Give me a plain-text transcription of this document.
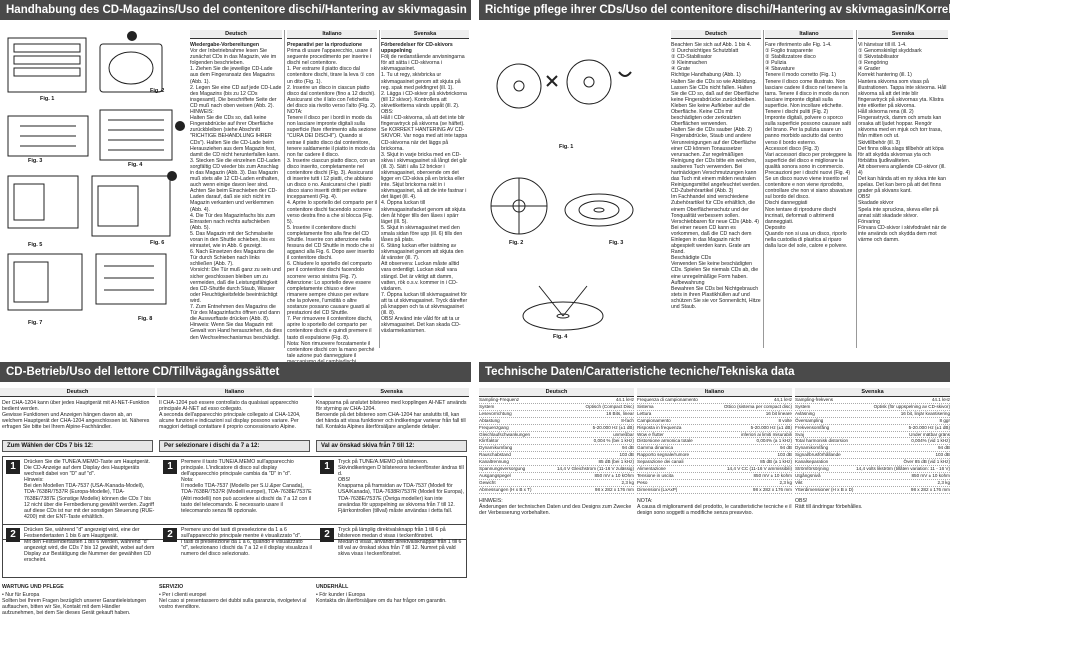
Handhabung des CD-Magazins/Uso del contenitore dischi/Hantering av skivmagasin
Fig. 1
Fig. 2
Fig. 3
Fig. 4
Fig. 5	Fig. 6
Fig. 7
Fig. 8
Deutsch
Wiedergabe-Vorbereitungen
Vor der Inbetriebnahme lesen Sie zunächst CDs in das Magazin, wie im folgenden beschrieben.
1. Ziehen Sie die jeweilige CD-Lade aus dem Fingeransatz des Magazins (Abb. 1).
2. Legen Sie eine CD auf jede CD-Lade des Magazins (bis zu 12 CDs insgesamt). Die beschriftete Seite der CD muß nach oben weisen (Abb. 2).
HINWEIS:
Halten Sie die CDs so, daß keine Fingerabdrücke auf ihrer Oberfläche zurückbleiben (siehe Abschnitt "RICHTIGE BEHANDLUNG IHRER CDs"). Halten Sie die CD-Lade beim Herausziehen aus dem Magazin fest, damit die CD nicht herunterfallen kann.
3. Stecken Sie die einzelnen CD-Laden sorgfältig CD wieder bis zum Anschlag in das Magazin (Abb. 3). Das Magazin muß stets alle 12 CD-Laden enthalten, auch wenn einige davon leer sind. Achten Sie beim Einschieben der CD-Laden darauf, daß sie sich nicht im Magazin verkanten und verklemmen (Abb. 4).
4. Die Tür des Magazinfachs bis zum Einrasten nach rechts aufschieben (Abb. 5).
5. Das Magazin mit der Schmalseite voran in den Shuttle schieben, bis es einrastet, wie in Abb. 6 gezeigt.
6. Nach Einsetzen des Magazins die Tür durch Schieben nach links schließen (Abb. 7).
Vorsicht: Die Tür muß ganz zu sein und sicher geschlossen bleiben um zu vermeiden, daß die Leistungsfähigkeit des CD-Shuttle durch Staub, Wasser oder Fleuchtigkeitsfelde beeinträchtigt wird.
7. Zum Entnehmen des Magazins die Tür des Magazinfachs öffnen und dann die Auswurftaste drücken (Abb. 8).
Hinweis: Wenn Sie das Magazin mit Gewalt von Hand herausziehen, da dies den Wechselmechanismus beschädigt.
Italiano
Preparativi per la riproduzione
Prima di usare l'apparecchio, usare il seguente procedimento per inserire i dischi nel contenitore.
1. Per estrarre il piatto disco dal contenitore dischi, tirare la leva ① con un dito (Fig. 1).
2. Inserire un disco in ciascun piatto disco dal contenitore (fino a 12 dischi). Assicurarsi che il lato con l'etichetta del disco sia rivolto verso l'alto (Fig. 2).
NOTA:
Tenere il disco per i bordi in modo da non lasciare impronte digitali sulla superficie (fare riferimento alla sezione "CURA DEI DISCHI"). Quando si estrae il piatto disco dal contenitore, tenere saldamente il piatto in modo da non far cadere il disco.
3. Inserire ciascun piatto disco, con un disco inserito, completamente nel contenitore dischi (Fig. 3). Assicurarsi di inserire tutti i 12 piatti, che abbiano un disco o no. Assicurarsi che i piatti disco siano inseriti dritti per evitare inceppamenti (Fig. 4).
4. Aprire lo sportello del comparto per il contenitore dischi facendolo scorrere verso destra fino a che si blocca (Fig. 5).
5. Inserire il contenitore dischi completamente fino alla fine del CD Shuttle. Inserire con attenzione nella fessura del CD Shuttle in modo che si agganci alla Fig. 6. Dopo aver inserito il contenitore dischi.
6. Chiudere lo sportello del comparto per il contenitore dischi facendolo scorrere verso sinistra (Fig. 7).
Attenzione: Lo sportello deve essere completamente chiuso e deve rimanere sempre chiuso per evitare che la polvere, l'umidità o altre sostanze possano causare guasti al prestazioni del CD Shuttle.
7. Per rimuovere il contenitore dischi, aprire lo sportello del comparto per contenitore dischi e quindi premere il tasto di espulsione (Fig. 8).
Nota: Non rimuovere forzatamente il contenitore dischi con la mano perché tale azione può danneggiare il
Svenska
Förberedelser för CD-skivors uppspelning
Följ de nedanstående anvisningarna för att sätta i CD-skivorna i skivmagasinet.
1. Tu ut regy, skivbricka ur skivmagasinet genom att skjuta på reg. spak med pekfingret (ill. 1).
2. Lägga i CD-skivor på skivbrickorna (till 12 skivor). Kontrollera att skivetiketterna vänds uppåt (ill. 2).
OBS:
Håll i CD-skivorna, så att det inte blir fingeravtryck på skivorna (se häftet). Se KORREKT HANTERING AV CD-SKIVOR. Var noga med att inte tappa CD-skivorna när det läggs på brickorna.
3. Skjut in varje bricka med en CD-skiva i skivmagasinet så långt det går (ill. 3). Sätt i alla 12 brickor i skivmagasinet, oberoende om det ligger en CD-skiva på en bricka eller inte. Skjut brickorna rakt in i skivmagasinet, så att de inte fastnar i det läget (ill. 4).
4. Öppna luckan till skivmagasinsfacket genom att skjuta den åt höger tills den låses i spärr läget (ill. 5).
5. Skjut in skivmagasinet med den smala sidan före upp (ill. 6) tills den låses på plats.
6. Stäng luckan efter isättning av skivmagasinet genom att skjuta den åt vänster (ill. 7).
Att observera: Luckan måste alltid vara ordentligt. Luckan skall vara stängd. Det är viktigt att damm, vatten, rök o.s.v. kommer in i CD-växlaren.
7. Öppna luckan till skivmagasinet för att ta ut skivmagasinet. Tryck därefter på knappen och ta ut skivmagasinet (ill. 8).
OBS! Använd inte våld för att ta ur skivmagasinet. Det kan skada CD-växlarmekanismen.
Richtige pflege ihrer CDs/Uso del contenitore dischi/Hantering av skivmagasin/Korrekt hantering av CD-skivor
Fig. 1
Fig. 2	Fig. 3
Fig. 4
Deutsch
Beachten Sie sich auf Abb. 1 bis 4.
① Durchsichtiges Schutzblatt
② CD-Stabilisator
③ Kleinmachen
④ Grate
Richtige Handhabung (Abb. 1)
Halten Sie die CDs so wie Abbildung. Lassen Sie CDs nicht fallen. Halten Sie die CD so, daß auf der Oberfläche keine Fingerabdrücke zurückbleiben. Kleben Sie keine Aufkleber auf die Oberfläche. Keine CDs mit beschädigten oder zerkratzten Oberflächen verwenden.
Halten Sie die CDs sauber (Abb. 2)
Fingerabdrücke, Staub und andere Verunreinigungen auf der Oberfläche einer CD können Tonaussetzer verursachen. Zur regelmäßigen Reinigung der CDs bitte ein weiches, sauberes Tuch verwenden. Bei hartnäckigen Verschmutzungen kann das Tuch mit einem milden neutralen Reinigungsmittel angefeuchtet werden.
CD-Zubehörartikel (Abb. 3)
Im Fachhandel sind verschiedene Zubehörartikel für CDs erhältlich, die einem Oberflächenschutz und der Tonqualität verbessern sollen.
Verschiebbaren für neue CDs (Abb. 4)
Bei einer neuen CD kann es vorkommen, daß die CD nach dem Einlegen in das Magazin nicht abgespielt werden kann. Grate am Rand.
Beschädigte CDs
Verwenden Sie keine beschädigten CDs. Spielen Sie niemals CDs ab, die eine unregelmäßige Form haben.
Aufbewahrung
Bewahren Sie CDs bei Nichtgebrauch stets in ihren Plastikhüllen auf und schützen Sie sie vor Sonnenlicht, Hitze und Staub.
Italiano
Fare riferimento alle Fig. 1-4.
① Foglio trasparente
② Stabilizzatore disco
③ Pulizia
④ Sbavature
Tenere il modo corretto (Fig. 1)
Tenere il disco come illustrato. Non lasciare cadere il disco nel tenere la tarra. Tenere il disco in modo da non lasciare impronte digitali sulla superficie. Non incollare etichette.
Tenere i dischi puliti (Fig. 2)
Impronte digitali, polvere o sporco sulla superficie possono causare salti del brano. Per la pulizia usare un panno morbido asciutto dal centro verso il bordo esterno.
Accessori disco (Fig. 3)
Vari accessori disco per proteggere la superficie del disco e migliorare la qualità sonora sono in commercio.
Precauzioni per i dischi nuovi (Fig. 4)
Se un disco nuovo viene inserito nel contenitore e non viene riprodotto, controllare che non vi siano sbavature sul bordo del disco.
Dischi danneggiati
Non tentare di riprodurre dischi incrinati, deformati o altrimenti danneggiati.
Deposito
Quando non si usa un disco, riporlo nella custodia di plastica al riparo dalla luce del sole, calore e polvere.
Svenska
Vi hänvisar till ill. 1-4.
① Genomskinligt skyddsark
② Skivstabilisator
③ Rengöring
④ Grader
Korrekt hantering (ill. 1)
Hantera skivorna som visas på illustrationen. Tappa inte skivorna. Håll skivorna så att det inte blir fingeravtryck på skivornas yta. Klistra inte etiketter på skivorna.
Håll skivorna rena (ill. 2)
Fingeravtryck, damm och smuts kan orsaka att ljudet hoppar. Rengör skivorna med en mjuk och torr trasa, från mitten och ut.
Skivtillbehör (ill. 3)
Det finns olika slags tillbehör att köpa för att skydda skivornas yta och förbättra ljudkvaliteten.
Att observera angående CD-skivor (ill. 4)
Det kan hända att en ny skiva inte kan spelas. Det kan bero på att det finns grader på skivans kant.
OBS!
Skadade skivor
Spela inte spruckna, skeva eller på annat sätt skadade skivor.
Förvaring
Förvara CD-skivor i skivfodralet när de inte används och skydda dem mot värme och damm.
CD-Betrieb/Uso del lettore CD/Tillvägagångssättet
Deutsch	Italiano	Svenska
Der CHA-1204 kann über jedes Hauptgerät mit AI-NET-Funktion bedient werden.
Gewisse Funktionen und Anzeigen hängen davon ab, an welchem Hauptgerät der CHA-1204 angeschlossen ist. Näheres erfragen Sie bitte bei Ihrem Alpine-Fachhändler.
Il CHA-1204 può essere controllato da qualsiasi apparecchio principale AI-NET ad esso collegato.
A seconda dell'apparecchio principale collegato al CHA-1204, alcune funzioni e indicazioni sul display possono variare. Per maggiori dettagli contattare il proprio concessionario Alpine.
Knapparna på anslutet bilstereo med kopplingen AI-NET används för styrning av CHA-1204.
Beroende på det bilstereo som CHA-1204 har anslutits till, kan det hända att vissa funktioner och indikeringar varierar från fall till fall. Kontakta Alpines återförsäljare angående detaljer.
Zum Wählen der CDs 7 bis 12:	Per selezionare i dischi da 7 a 12:	Val av önskad skiva från 7 till 12:
1	1	1
Drücken Sie die TUNE/A.MEMO-Taste am Hauptgerät. Die CD-Anzeige auf dem Display des Hauptgeräts wechselt dabei von "D" auf "d".
Hinweis:
Bei den Modellen TDA-7537 (USA-/Kanada-Modell), TDA-7638R/7537R (Europa-Modelle), TDA-7638E/7387E (Sonstige Modelle) können die CDs 7 bis 12 nicht über die Fernbedienung gewählt werden. Zugriff auf diese CDs ist nur mit der sonstigen Steuerung (RUE-4200) mit der ENT-Taste erhältlich.
Premere il tasto TUNE/A.MEMO sull'apparecchio principale. L'indicatore di disco sul display dell'apparecchio principale cambia da "D" in "d".
Nota:
Il modello TDA-7537 (Modello per S.U.&per Canada), TDA-7638R/7537R (Modelli europei), TDA-7638E/7537E (Altri modelli) non può accedere ai dischi da 7 a 12 con il tasto del telecomando. È necessario usare il telecomando senza fili opzionale.
Tryck på TUNE/A.MEMO på bilstereon. Skivindikeringen D bilstereons teckenfönster ändras till d.
OBS!
Knapparna på framsidan av TDA-7537 (Modell för USA/Kanada), TDA-7638R/7537R (Modell för Europa), TDA-7638E/7537E (Övriga modeller) kan inte användas för uppspelning av skivorna från 7 till 12. Fjärrkontrollen (tillval) måste användas i detta fall.
2	2	2
Drücken Sie, während "d" angezeigt wird, eine der Festsendertasten 1 bis 6 am Hauptgerät.
Mit den Festsendertasten 1 bis 6 werden, während "d" angezeigt wird, die CDs 7 bis 12 gewählt, wobei auf dem Display zur Bestätigung die Nummer der gewählten CD erscheint.
Premere uno dei tasti di preselezione da 1 a 6 sull'apparecchio principale mentre è visualizzato "d".
I tasti di preselezione da 1 a 6, quando è visualizzato "d", selezionano i dischi da 7 a 12 e il display visualizza il numero del disco selezionato.
Tryck på lämplig direktvalsknapp från 1 till 6 på bilstereon medan d visas i teckenfönstret.
Medan d visas, används direktvalsknappar från 1 till 6 till val av önskad skiva från 7 till 12. Numret på vald skiva visas i teckenfönstret.
WARTUNG UND PFLEGE
• Nur für Europa
Sollten bei Ihrem Fragen bezüglich unserer Garantieleistungen auftauchen, bitten wir Sie, Kontakt mit dem Händler aufzunehmen, bei dem Sie dieses Gerät gekauft haben.
SERVIZIO
• Per i clienti europei
Nel caso si presentassero dei dubbi sulla garanzia, rivolgetevi al vostro rivenditore.
UNDERHÅLL
• För kunder i Europa
Kontakta din återförsäljare om du har frågor om garantin.
Technische Daten/Caratteristiche tecniche/Tekniska data
Deutsch
Sampling-Frequenz	44.1 kHz
System	Optisch (Compact Disc)
Lesevorrichtung	16 Bits, linear
Abtastung	8-fach
Frequenzgang	5-20.000 Hz (±1 dB)
Gleichlaufschwankungen	unmeßbar
Klirrfaktor	0,004 % (bei 1 kHz)
Dynamikumfang	94 dB
Rauschabstand	103 dB
Kanaltrennung	85 dB (bei 1 kHz)
Spannungsversorgung	14,4 V Gleichstrom (11-16 V zulässig)
Ausgangspegel	850 mV ± 10 kOhm
Gewicht	2,3 kg
Abmessungen (H x B x T)	98 x 282 x 176 mm
HINWEIS:
Änderungen der technischen Daten und des Designs zum Zwecke der Verbesserung vorbehalten.
Italiano
Frequenza di campionamento	44,1 kHz
Sistema	Ottico (sistema per compact disc)
Lettura	16 bit lineare
Campionamento	8 volte
Risposta in frequenza	5-20.000 Hz (±1 dB)
Wow e flutter	inferiori ai limiti misurabili
Distorsione armonica totale	0,004% (a 1 kHz)
Gamma dinamica	94 dB
Rapporto segnale/rumore	103 dB
Separazione dei canali	85 dB (a 1 kHz)
Alimentazione	14,4 V CC (11-16 V ammissibili)
Tensione in uscita	850 mV ± 10 kohm
Peso	2,3 kg
Dimensioni (LxAxP)	98 x 282 x 176 mm
NOTA:
A causa di miglioramenti del prodotto, le caratteristiche tecniche e il design sono soggetti a modifiche senza preavviso.
Svenska
Sampling-frekvens	44.1 kHz
System	Optisk (för uppspelning av CD-skivor)
Avläsning	16 bit, linjär kvantisering
Översampling	8 ggr
Frekvensomfång	5-20.000 Hz (±1 dB)
Svaj	Under mätbar gräns
Total harmonisk distorsion	0,004% (vid 1 kHz)
Dynamikomfång	94 dB
Signal/brusförhållande	103 dB
Kanalseparation	Över 85 dB (vid 1 kHz)
Strömförsörjning	14,4 volts likström (tillåten variation: 11 - 16 V)
Utgångsnivå	850 mV ± 10 kohm
Vikt	2,3 kg
Ytterdimensioner (H x B x D)	98 x 282 x 176 mm
OBS!
Rätt till ändringar förbehålles.
